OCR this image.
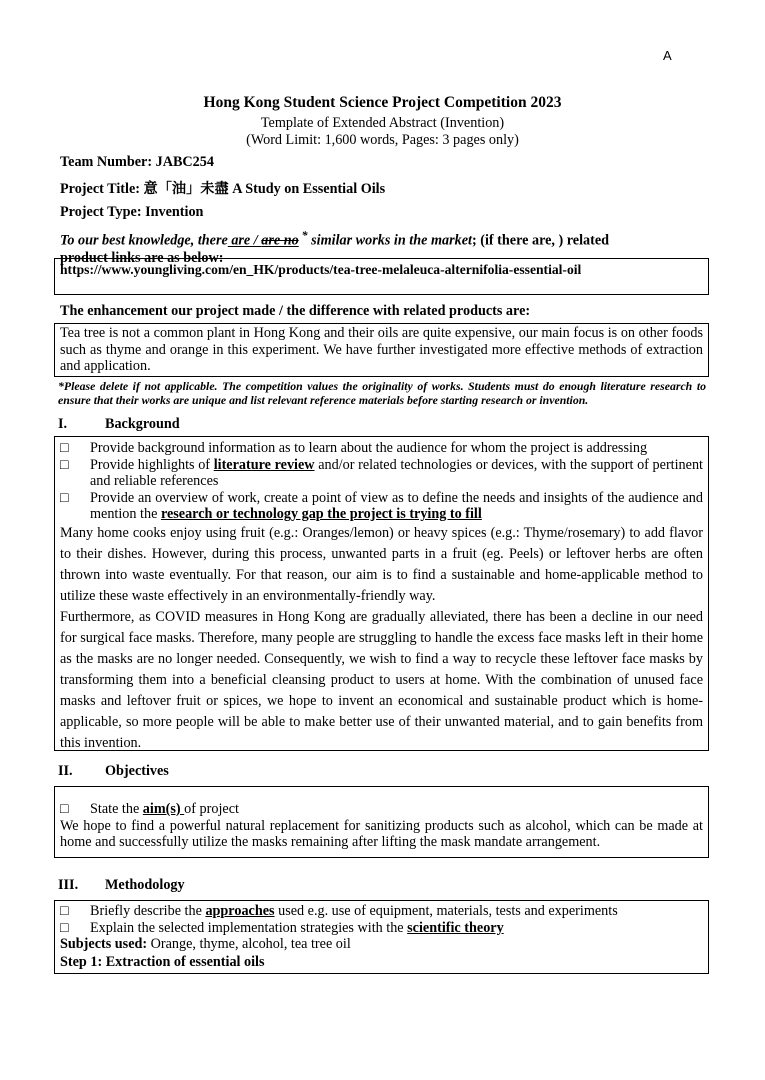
A
Hong Kong Student Science Project Competition 2023
Template of Extended Abstract (Invention)
(Word Limit: 1,600 words, Pages: 3 pages only)
Team Number: JABC254
Project Title: 意「油」未盡 A Study on Essential Oils
Project Type: Invention
To our best knowledge, there are / are no * similar works in the market; (if there are, ) related
product links are as below:
https://www.youngliving.com/en_HK/products/tea-tree-melaleuca-alternifolia-essential-oil
The enhancement our project made / the difference with related products are:
Tea tree is not a common plant in Hong Kong and their oils are quite expensive, our main focus is on other foods such as thyme and orange in this experiment. We have further investigated more effective methods of extraction and application.
*Please delete if not applicable. The competition values the originality of works. Students must do enough literature research to ensure that their works are unique and list relevant reference materials before starting research or invention.
I.	Background
□ Provide background information as to learn about the audience for whom the project is addressing
□ Provide highlights of literature review and/or related technologies or devices, with the support of pertinent and reliable references
□ Provide an overview of work, create a point of view as to define the needs and insights of the audience and mention the research or technology gap the project is trying to fill
Many home cooks enjoy using fruit (e.g.: Oranges/lemon) or heavy spices (e.g.: Thyme/rosemary) to add flavor to their dishes. However, during this process, unwanted parts in a fruit (eg. Peels) or leftover herbs are often thrown into waste eventually. For that reason, our aim is to find a sustainable and home-applicable method to utilize these waste effectively in an environmentally-friendly way.
Furthermore, as COVID measures in Hong Kong are gradually alleviated, there has been a decline in our need for surgical face masks. Therefore, many people are struggling to handle the excess face masks left in their home as the masks are no longer needed. Consequently, we wish to find a way to recycle these leftover face masks by transforming them into a beneficial cleansing product to users at home. With the combination of unused face masks and leftover fruit or spices, we hope to invent an economical and sustainable product which is home-applicable, so more people will be able to make better use of their unwanted material, and to gain benefits from this invention.
II. Objectives
□ State the aim(s) of project
We hope to find a powerful natural replacement for sanitizing products such as alcohol, which can be made at home and successfully utilize the masks remaining after lifting the mask mandate arrangement.
III. Methodology
□ Briefly describe the approaches used e.g. use of equipment, materials, tests and experiments
□ Explain the selected implementation strategies with the scientific theory
Subjects used: Orange, thyme, alcohol, tea tree oil
Step 1: Extraction of essential oils
